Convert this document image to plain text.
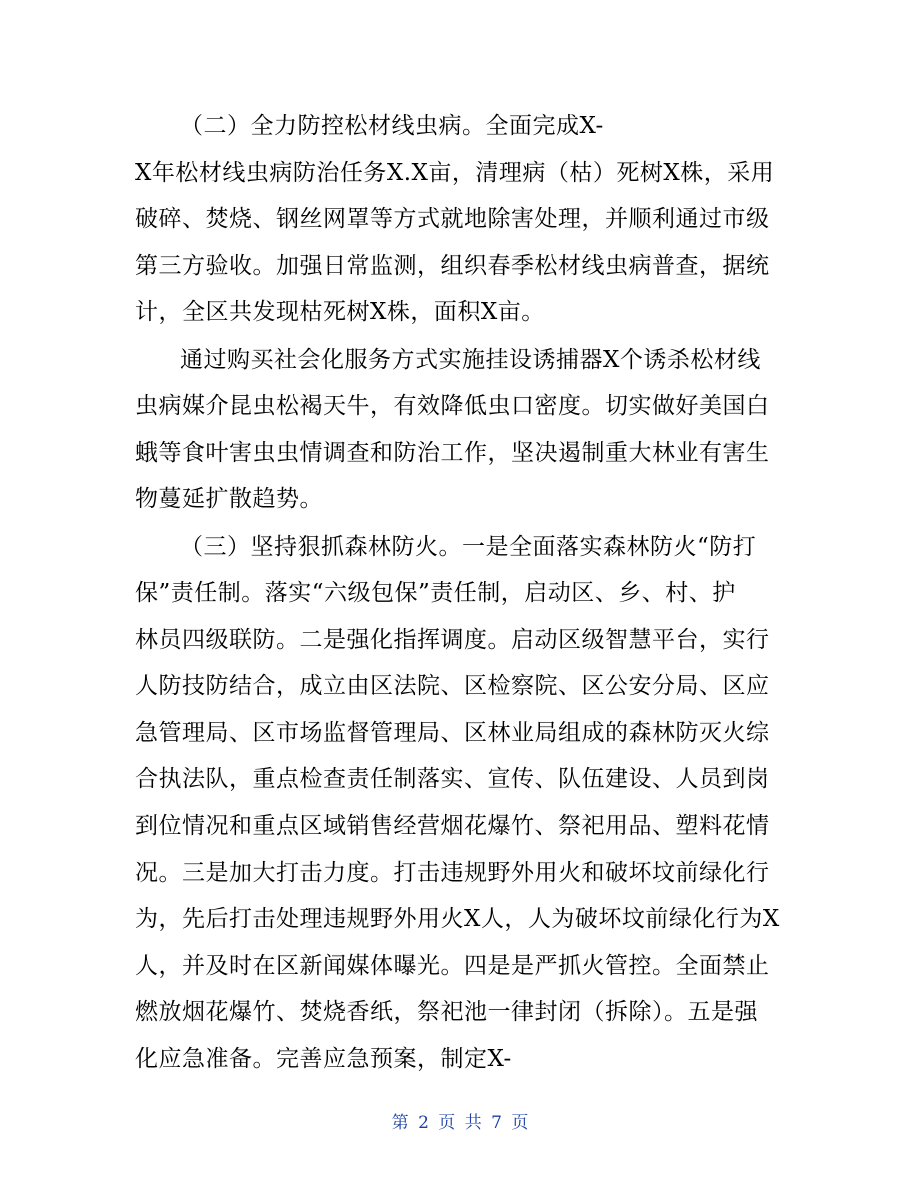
（二）全力防控松材线虫病。全面完成X-
X年松材线虫病防治任务X.X亩，清理病（枯）死树X株，采用
破碎、焚烧、钢丝网罩等方式就地除害处理，并顺利通过市级
第三方验收。加强日常监测，组织春季松材线虫病普查，据统
计，全区共发现枯死树X株，面积X亩。
通过购买社会化服务方式实施挂设诱捕器X个诱杀松材线
虫病媒介昆虫松褐天牛，有效降低虫口密度。切实做好美国白
蛾等食叶害虫虫情调查和防治工作，坚决遏制重大林业有害生
物蔓延扩散趋势。
（三）坚持狠抓森林防火。一是全面落实森林防火“防打
保”责任制。落实“六级包保”责任制，启动区、乡、村、护
林员四级联防。二是强化指挥调度。启动区级智慧平台，实行
人防技防结合，成立由区法院、区检察院、区公安分局、区应
急管理局、区市场监督管理局、区林业局组成的森林防灭火综
合执法队，重点检查责任制落实、宣传、队伍建设、人员到岗
到位情况和重点区域销售经营烟花爆竹、祭祀用品、塑料花情
况。三是加大打击力度。打击违规野外用火和破坏坟前绿化行
为，先后打击处理违规野外用火X人，人为破坏坟前绿化行为X
人，并及时在区新闻媒体曝光。四是是严抓火管控。全面禁止
燃放烟花爆竹、焚烧香纸，祭祀池一律封闭（拆除）。五是强
化应急准备。完善应急预案，制定X-
第 2 页 共 7 页
